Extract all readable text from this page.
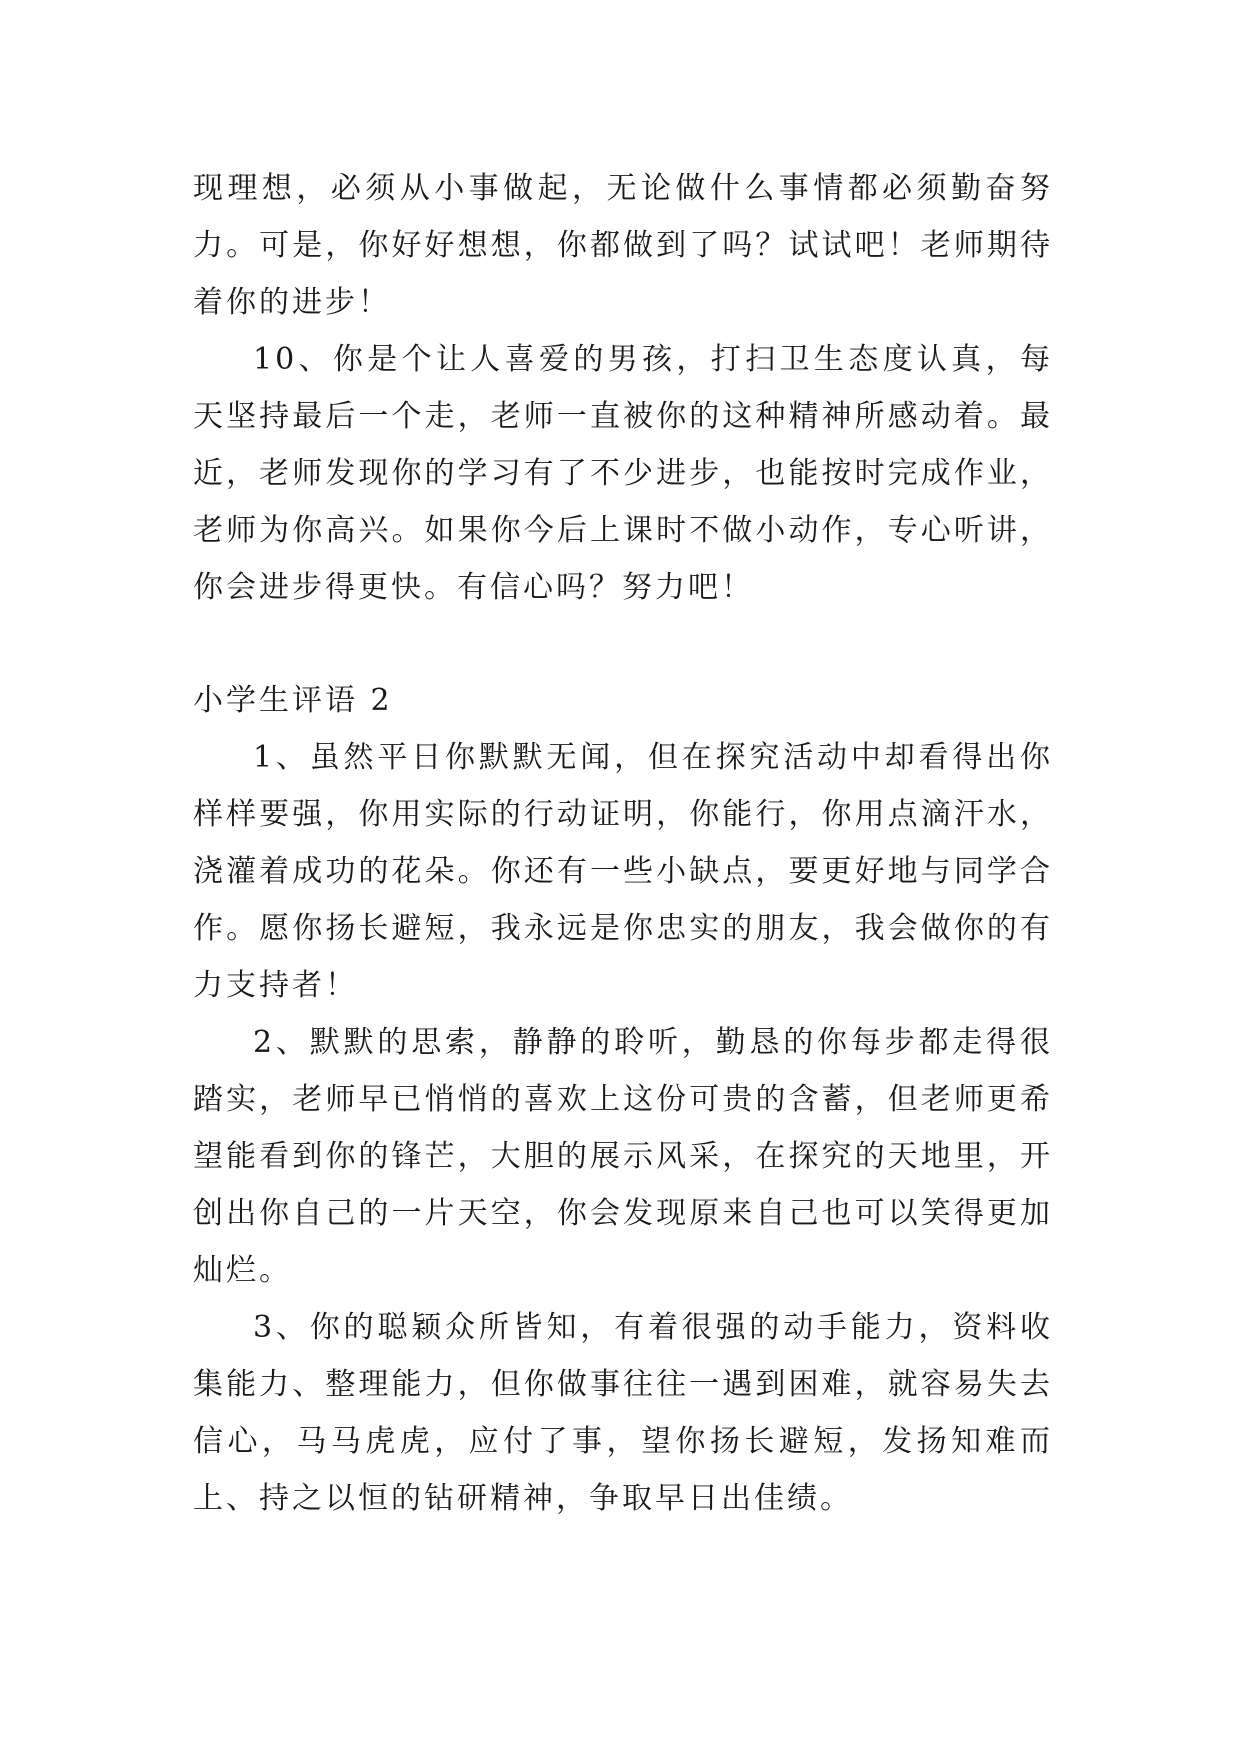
现理想，必须从小事做起，无论做什么事情都必须勤奋努力。可是，你好好想想，你都做到了吗？试试吧！老师期待着你的进步！

10、你是个让人喜爱的男孩，打扫卫生态度认真，每天坚持最后一个走，老师一直被你的这种精神所感动着。最近，老师发现你的学习有了不少进步，也能按时完成作业，老师为你高兴。如果你今后上课时不做小动作，专心听讲，你会进步得更快。有信心吗？努力吧！

小学生评语 2

1、虽然平日你默默无闻，但在探究活动中却看得出你样样要强，你用实际的行动证明，你能行，你用点滴汗水，浇灌着成功的花朵。你还有一些小缺点，要更好地与同学合作。愿你扬长避短，我永远是你忠实的朋友，我会做你的有力支持者！

2、默默的思索，静静的聆听，勤恳的你每步都走得很踏实，老师早已悄悄的喜欢上这份可贵的含蓄，但老师更希望能看到你的锋芒，大胆的展示风采，在探究的天地里，开创出你自己的一片天空，你会发现原来自己也可以笑得更加灿烂。

3、你的聪颖众所皆知，有着很强的动手能力，资料收集能力、整理能力，但你做事往往一遇到困难，就容易失去信心，马马虎虎，应付了事，望你扬长避短，发扬知难而上、持之以恒的钻研精神，争取早日出佳绩。
